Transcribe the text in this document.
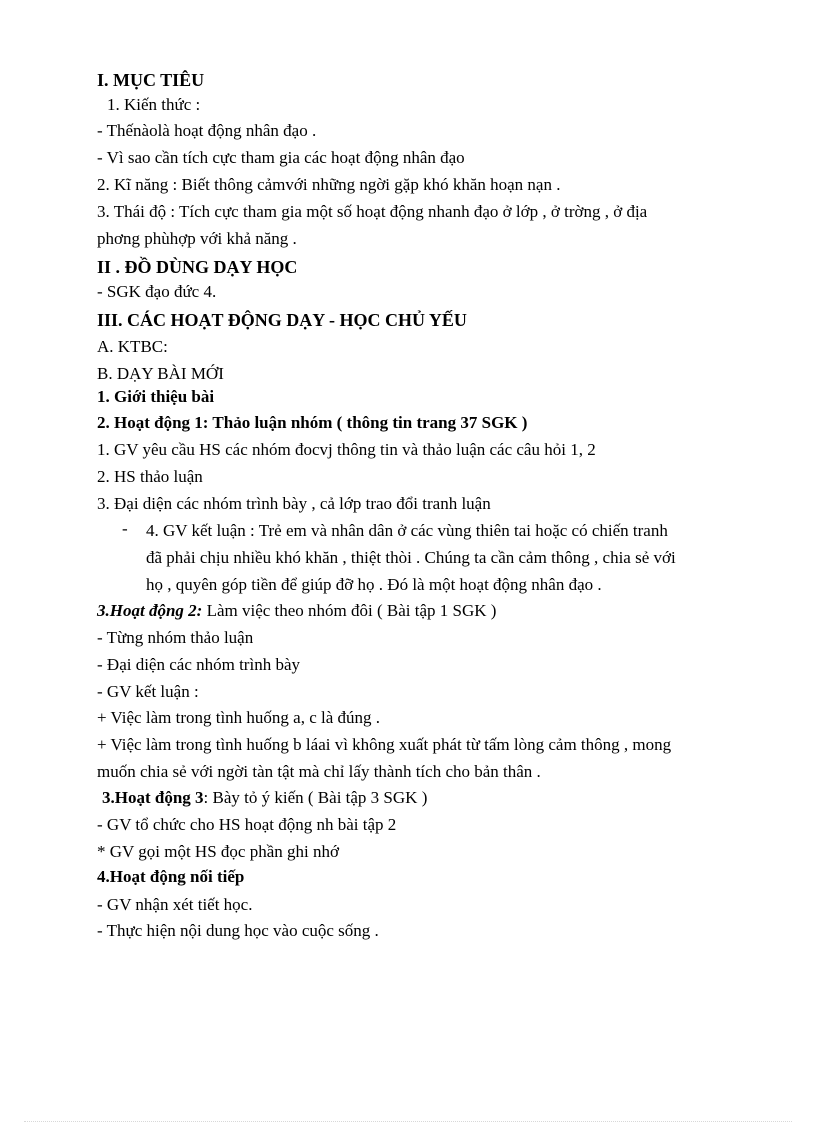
I. MỤC TIÊU
1. Kiến thức :
- Thếnàolà hoạt động nhân đạo .
- Vì sao cần tích cực tham gia các hoạt động nhân đạo
2. Kĩ năng : Biết thông cảmvới những ngời gặp khó khăn hoạn nạn .
3. Thái độ : Tích cực tham gia một số hoạt động nhanh đạo ở lớp , ở trờng , ở địa
phơng phùhợp với khả năng .
II . ĐỒ DÙNG DẠY HỌC
- SGK đạo đức 4.
III. CÁC HOẠT ĐỘNG DẠY - HỌC CHỦ YẾU
A. KTBC:
B. DẠY BÀI MỚI
1. Giới thiệu bài
2. Hoạt động 1: Thảo luận nhóm ( thông tin trang 37 SGK )
1. GV yêu cầu HS các nhóm đocvj thông tin và thảo luận các câu hỏi 1, 2
2. HS thảo luận
3. Đại diện các nhóm trình bày , cả lớp trao đổi tranh luận
- 4. GV kết luận : Trẻ em và nhân dân ở các vùng thiên tai hoặc có chiến tranh
đã phải chịu nhiều khó khăn , thiệt thòi . Chúng ta cần cảm thông , chia sẻ với
họ , quyên góp tiền để giúp đỡ họ . Đó là một hoạt động nhân đạo .
3.Hoạt động 2: Làm việc theo nhóm đôi ( Bài tập 1 SGK )
- Từng nhóm thảo luận
- Đại diện các nhóm trình bày
- GV kết luận :
+ Việc làm trong tình huống a, c là đúng .
+ Việc làm trong tình huống b láai vì không xuất phát từ tấm lòng cảm thông , mong
muốn chia sẻ với ngời tàn tật mà chỉ lấy thành tích cho bản thân .
3.Hoạt động 3: Bày tỏ ý kiến ( Bài tập 3 SGK )
- GV tổ chức cho HS hoạt động nh bài tập 2
* GV gọi một HS đọc phần ghi nhớ
4.Hoạt động nối tiếp
- GV nhận xét tiết học.
- Thực hiện nội dung học vào cuộc sống .
